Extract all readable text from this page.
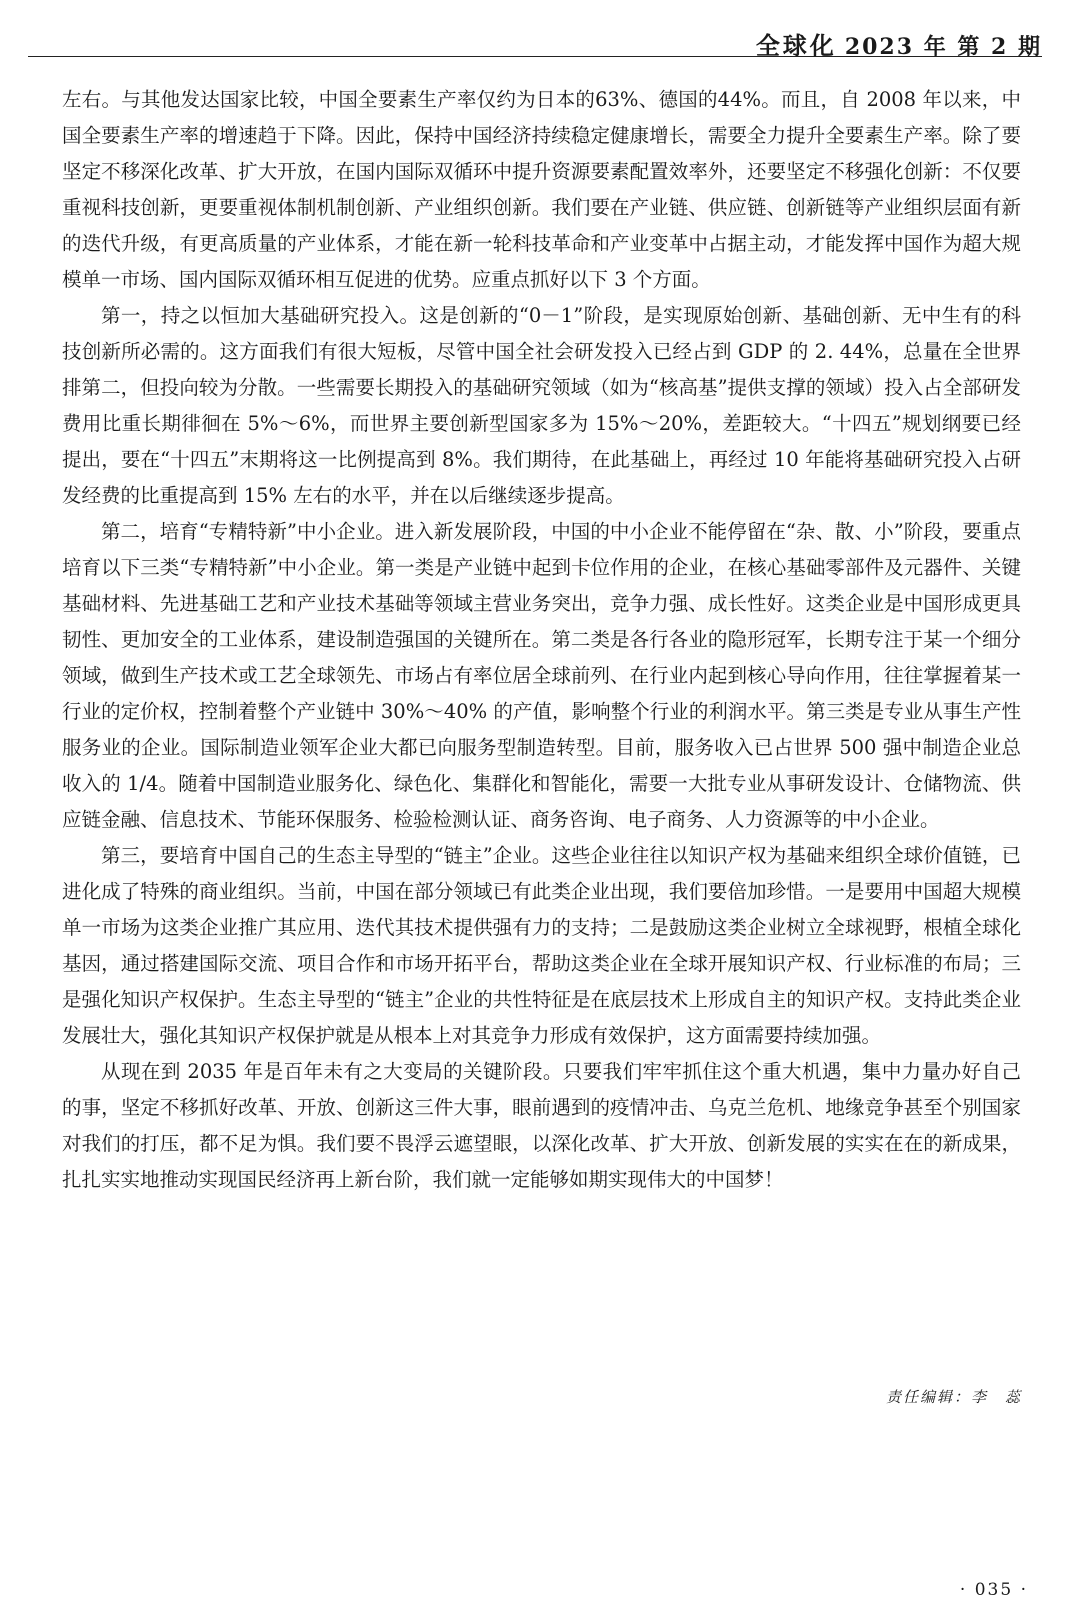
全球化 2023 年 第 2 期

左右。与其他发达国家比较，中国全要素生产率仅约为日本的63%、德国的44%。而且，自 2008 年以来，中国全要素生产率的增速趋于下降。因此，保持中国经济持续稳定健康增长，需要全力提升全要素生产率。除了要坚定不移深化改革、扩大开放，在国内国际双循环中提升资源要素配置效率外，还要坚定不移强化创新：不仅要重视科技创新，更要重视体制机制创新、产业组织创新。我们要在产业链、供应链、创新链等产业组织层面有新的迭代升级，有更高质量的产业体系，才能在新一轮科技革命和产业变革中占据主动，才能发挥中国作为超大规模单一市场、国内国际双循环相互促进的优势。应重点抓好以下 3 个方面。

第一，持之以恒加大基础研究投入。这是创新的“0－1”阶段，是实现原始创新、基础创新、无中生有的科技创新所必需的。这方面我们有很大短板，尽管中国全社会研发投入已经占到 GDP 的 2. 44%，总量在全世界排第二，但投向较为分散。一些需要长期投入的基础研究领域（如为“核高基”提供支撑的领域）投入占全部研发费用比重长期徘徊在 5%～6%，而世界主要创新型国家多为 15%～20%，差距较大。“十四五”规划纲要已经提出，要在“十四五”末期将这一比例提高到 8%。我们期待，在此基础上，再经过 10 年能将基础研究投入占研发经费的比重提高到 15% 左右的水平，并在以后继续逐步提高。

第二，培育“专精特新”中小企业。进入新发展阶段，中国的中小企业不能停留在“杂、散、小”阶段，要重点培育以下三类“专精特新”中小企业。第一类是产业链中起到卡位作用的企业，在核心基础零部件及元器件、关键基础材料、先进基础工艺和产业技术基础等领域主营业务突出，竞争力强、成长性好。这类企业是中国形成更具韧性、更加安全的工业体系，建设制造强国的关键所在。第二类是各行各业的隐形冠军，长期专注于某一个细分领域，做到生产技术或工艺全球领先、市场占有率位居全球前列、在行业内起到核心导向作用，往往掌握着某一行业的定价权，控制着整个产业链中 30%～40% 的产值，影响整个行业的利润水平。第三类是专业从事生产性服务业的企业。国际制造业领军企业大都已向服务型制造转型。目前，服务收入已占世界 500 强中制造企业总收入的 1/4。随着中国制造业服务化、绿色化、集群化和智能化，需要一大批专业从事研发设计、仓储物流、供应链金融、信息技术、节能环保服务、检验检测认证、商务咨询、电子商务、人力资源等的中小企业。

第三，要培育中国自己的生态主导型的“链主”企业。这些企业往往以知识产权为基础来组织全球价值链，已进化成了特殊的商业组织。当前，中国在部分领域已有此类企业出现，我们要倍加珍惜。一是要用中国超大规模单一市场为这类企业推广其应用、迭代其技术提供强有力的支持；二是鼓励这类企业树立全球视野，根植全球化基因，通过搭建国际交流、项目合作和市场开拓平台，帮助这类企业在全球开展知识产权、行业标准的布局；三是强化知识产权保护。生态主导型的“链主”企业的共性特征是在底层技术上形成自主的知识产权。支持此类企业发展壮大，强化其知识产权保护就是从根本上对其竞争力形成有效保护，这方面需要持续加强。

从现在到 2035 年是百年未有之大变局的关键阶段。只要我们牢牢抓住这个重大机遇，集中力量办好自己的事，坚定不移抓好改革、开放、创新这三件大事，眼前遇到的疫情冲击、乌克兰危机、地缘竞争甚至个别国家对我们的打压，都不足为惧。我们要不畏浮云遮望眼，以深化改革、扩大开放、创新发展的实实在在的新成果，扎扎实实地推动实现国民经济再上新台阶，我们就一定能够如期实现伟大的中国梦！

责任编辑：李　蕊
· 035 ·
